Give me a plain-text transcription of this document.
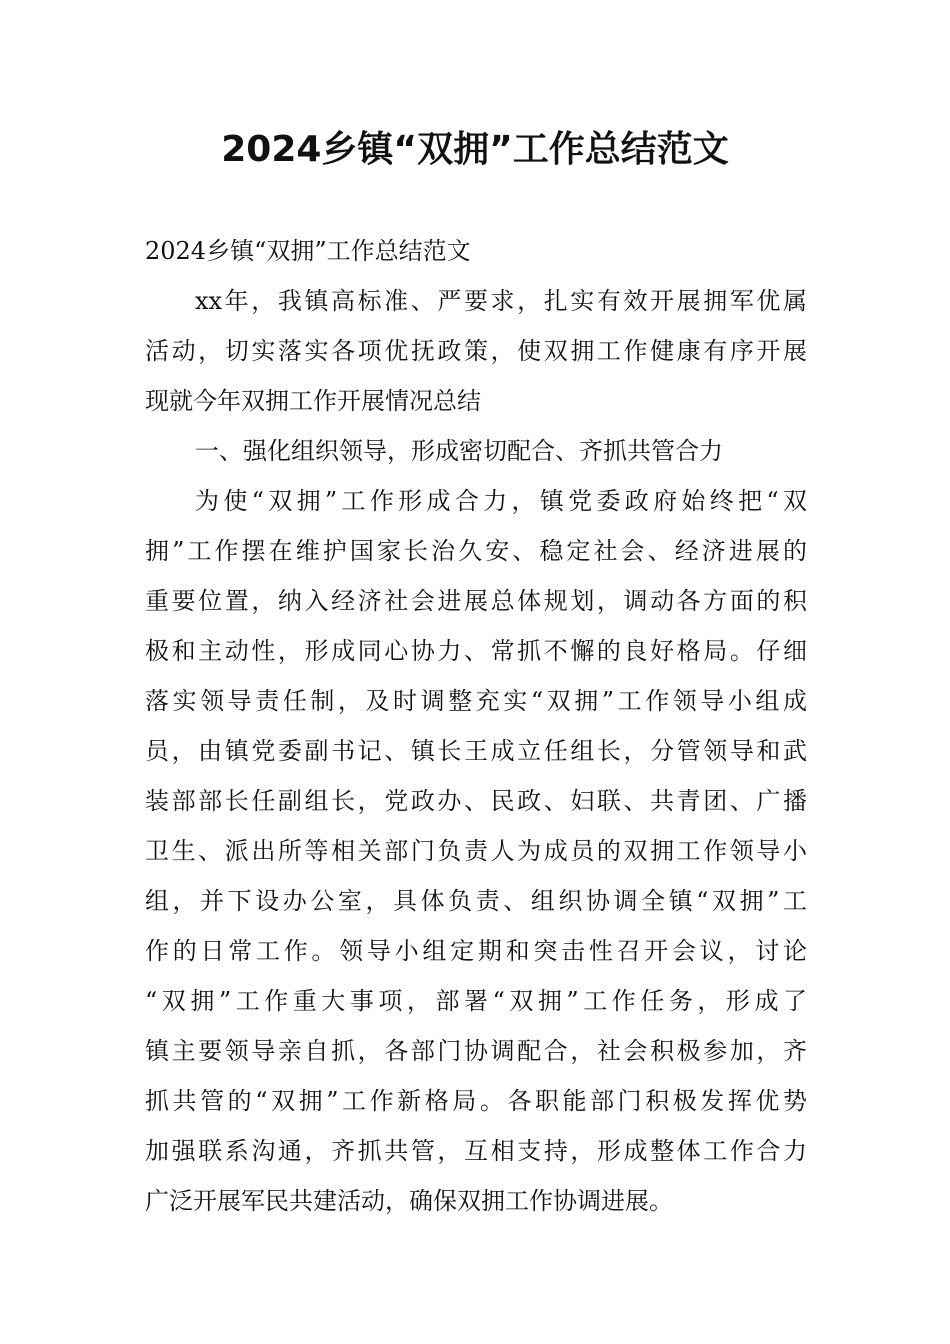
2024乡镇“双拥”工作总结范文
2024乡镇“双拥”工作总结范文
xx年，我镇高标准、严要求，扎实有效开展拥军优属
活动，切实落实各项优抚政策，使双拥工作健康有序开展
现就今年双拥工作开展情况总结
一、强化组织领导，形成密切配合、齐抓共管合力
为使“双拥”工作形成合力，镇党委政府始终把“双
拥”工作摆在维护国家长治久安、稳定社会、经济进展的
重要位置，纳入经济社会进展总体规划，调动各方面的积
极和主动性，形成同心协力、常抓不懈的良好格局。仔细
落实领导责任制，及时调整充实“双拥”工作领导小组成
员，由镇党委副书记、镇长王成立任组长，分管领导和武
装部部长任副组长，党政办、民政、妇联、共青团、广播
卫生、派出所等相关部门负责人为成员的双拥工作领导小
组，并下设办公室，具体负责、组织协调全镇“双拥”工
作的日常工作。领导小组定期和突击性召开会议，讨论
“双拥”工作重大事项，部署“双拥”工作任务，形成了
镇主要领导亲自抓，各部门协调配合，社会积极参加，齐
抓共管的“双拥”工作新格局。各职能部门积极发挥优势
加强联系沟通，齐抓共管，互相支持，形成整体工作合力
广泛开展军民共建活动，确保双拥工作协调进展。
